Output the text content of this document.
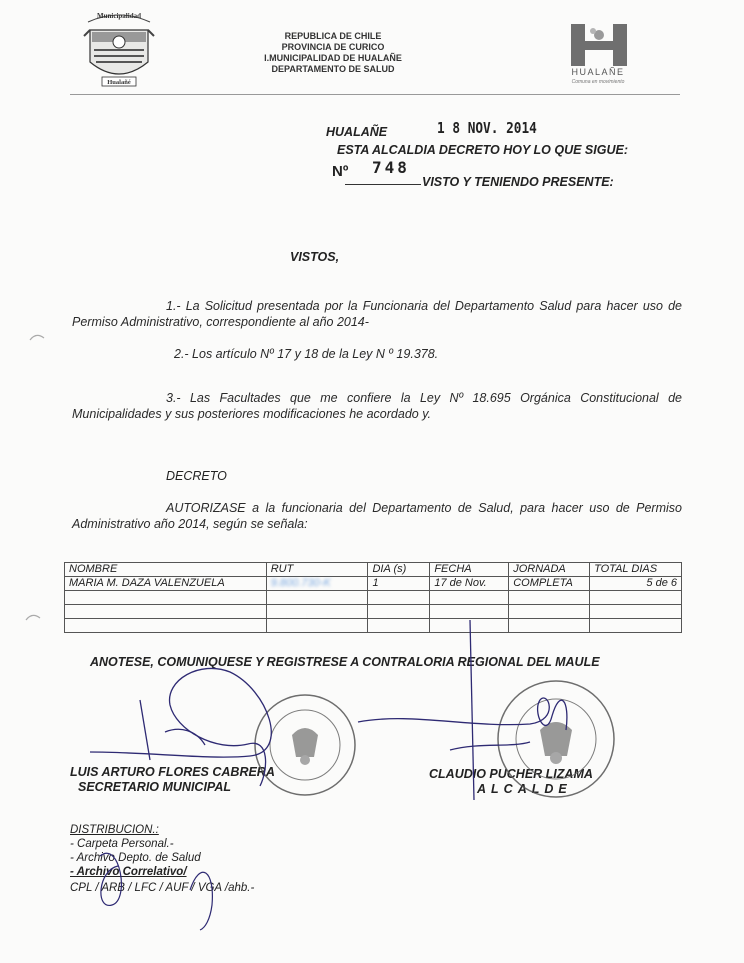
Municipalidad
Hualañé
REPUBLICA DE CHILE
PROVINCIA DE CURICO
I.MUNICIPALIDAD DE HUALAÑE
DEPARTAMENTO DE SALUD	HUALAÑE
Comuna en movimiento
HUALAÑE	1 8 NOV. 2014
ESTA ALCALDIA DECRETO HOY LO QUE SIGUE:
Nº 748
VISTO Y TENIENDO PRESENTE:
VISTOS,
1.- La Solicitud presentada por la Funcionaria del Departamento Salud para hacer uso de Permiso Administrativo, correspondiente al año 2014-
2.- Los artículo Nº 17 y 18 de la Ley N º 19.378.
3.- Las Facultades que me confiere la Ley Nº 18.695 Orgánica Constitucional de Municipalidades y sus posteriores modificaciones he acordado y.
DECRETO
AUTORIZASE a la funcionaria del Departamento de Salud, para hacer uso de Permiso Administrativo año 2014, según se señala:
NOMBRE	RUT	DIA (s)	FECHA	JORNADA	TOTAL DIAS
MARIA M. DAZA VALENZUELA	9.800.730-K	1	17 de Nov.	COMPLETA	5 de 6

ANOTESE, COMUNIQUESE Y REGISTRESE A CONTRALORIA REGIONAL DEL MAULE
LUIS ARTURO FLORES CABRERA
SECRETARIO MUNICIPAL
CLAUDIO PUCHER LIZAMA
ALCALDE
DISTRIBUCION.:
- Carpeta Personal.-
- Archivo Depto. de Salud
- Archivo Correlativo/
CPL / ARB / LFC / AUF / VGA /ahb.-
